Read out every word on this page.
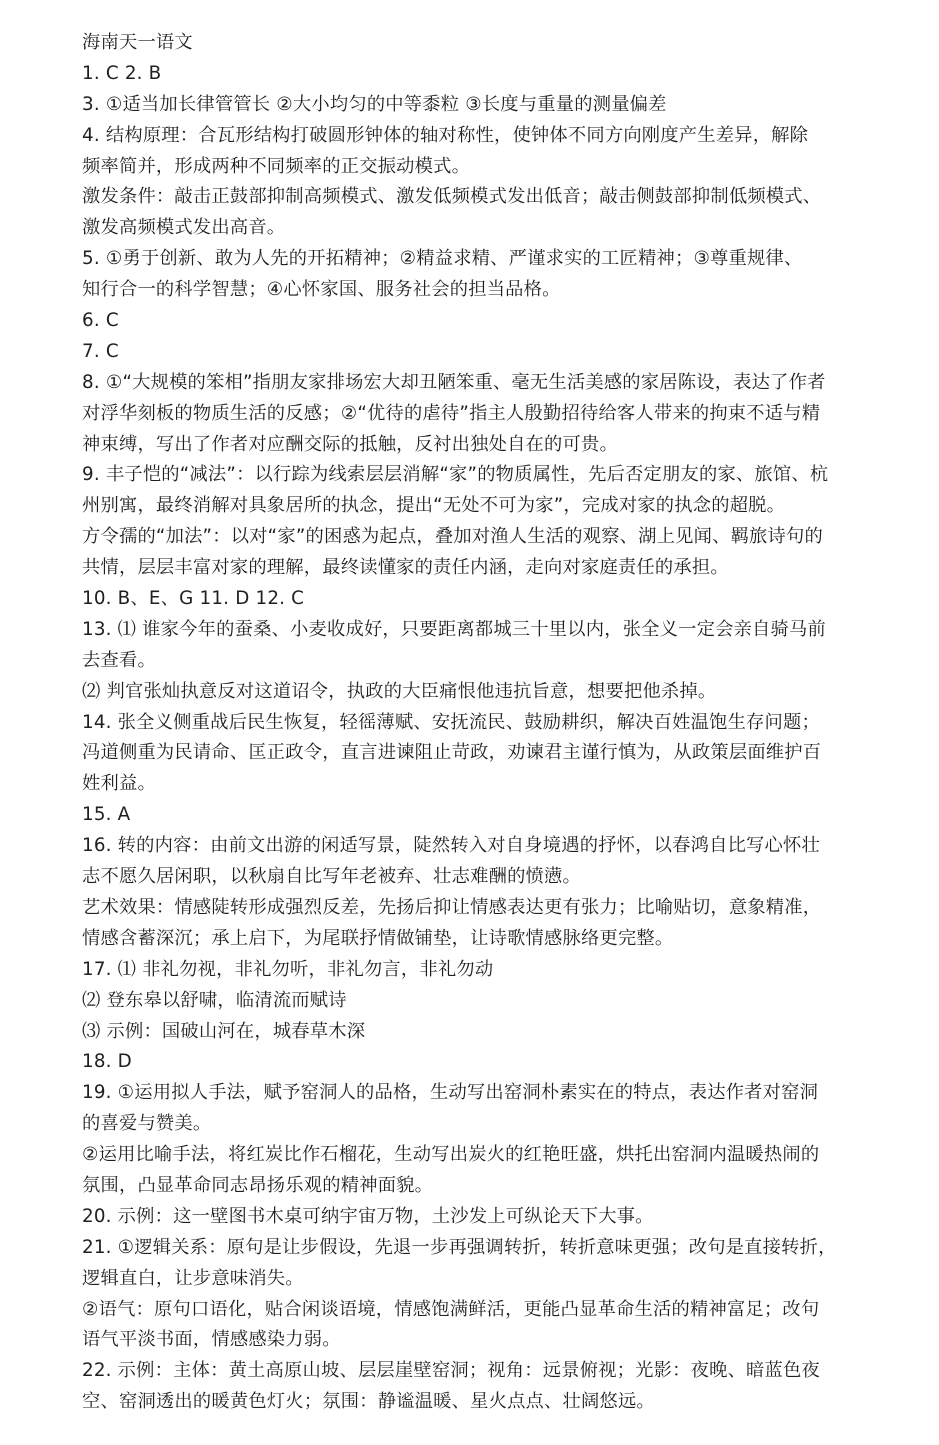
海南天一语文
1. C 2. B
3. ①适当加长律管管长 ②大小均匀的中等黍粒 ③长度与重量的测量偏差
4. 结构原理：合瓦形结构打破圆形钟体的轴对称性，使钟体不同方向刚度产生差异，解除
频率简并，形成两种不同频率的正交振动模式。
激发条件：敲击正鼓部抑制高频模式、激发低频模式发出低音；敲击侧鼓部抑制低频模式、
激发高频模式发出高音。
5. ①勇于创新、敢为人先的开拓精神；②精益求精、严谨求实的工匠精神；③尊重规律、
知行合一的科学智慧；④心怀家国、服务社会的担当品格。
6. C
7. C
8. ①“大规模的笨相”指朋友家排场宏大却丑陋笨重、毫无生活美感的家居陈设，表达了作者
对浮华刻板的物质生活的反感；②“优待的虐待”指主人殷勤招待给客人带来的拘束不适与精
神束缚，写出了作者对应酬交际的抵触，反衬出独处自在的可贵。
9. 丰子恺的“减法”：以行踪为线索层层消解“家”的物质属性，先后否定朋友的家、旅馆、杭
州别寓，最终消解对具象居所的执念，提出“无处不可为家”，完成对家的执念的超脱。
方令孺的“加法”：以对“家”的困惑为起点，叠加对渔人生活的观察、湖上见闻、羁旅诗句的
共情，层层丰富对家的理解，最终读懂家的责任内涵，走向对家庭责任的承担。
10. B、E、G 11. D 12. C
13. ⑴ 谁家今年的蚕桑、小麦收成好，只要距离都城三十里以内，张全义一定会亲自骑马前
去查看。
⑵ 判官张灿执意反对这道诏令，执政的大臣痛恨他违抗旨意，想要把他杀掉。
14. 张全义侧重战后民生恢复，轻徭薄赋、安抚流民、鼓励耕织，解决百姓温饱生存问题；
冯道侧重为民请命、匡正政令，直言进谏阻止苛政，劝谏君主谨行慎为，从政策层面维护百
姓利益。
15. A
16. 转的内容：由前文出游的闲适写景，陡然转入对自身境遇的抒怀，以春鸿自比写心怀壮
志不愿久居闲职，以秋扇自比写年老被弃、壮志难酬的愤懑。
艺术效果：情感陡转形成强烈反差，先扬后抑让情感表达更有张力；比喻贴切，意象精准，
情感含蓄深沉；承上启下，为尾联抒情做铺垫，让诗歌情感脉络更完整。
17. ⑴ 非礼勿视，非礼勿听，非礼勿言，非礼勿动
⑵ 登东皋以舒啸，临清流而赋诗
⑶ 示例：国破山河在，城春草木深
18. D
19. ①运用拟人手法，赋予窑洞人的品格，生动写出窑洞朴素实在的特点，表达作者对窑洞
的喜爱与赞美。
②运用比喻手法，将红炭比作石榴花，生动写出炭火的红艳旺盛，烘托出窑洞内温暖热闹的
氛围，凸显革命同志昂扬乐观的精神面貌。
20. 示例：这一壁图书木桌可纳宇宙万物，土沙发上可纵论天下大事。
21. ①逻辑关系：原句是让步假设，先退一步再强调转折，转折意味更强；改句是直接转折，
逻辑直白，让步意味消失。
②语气：原句口语化，贴合闲谈语境，情感饱满鲜活，更能凸显革命生活的精神富足；改句
语气平淡书面，情感感染力弱。
22. 示例：主体：黄土高原山坡、层层崖壁窑洞；视角：远景俯视；光影：夜晚、暗蓝色夜
空、窑洞透出的暖黄色灯火；氛围：静谧温暖、星火点点、壮阔悠远。
